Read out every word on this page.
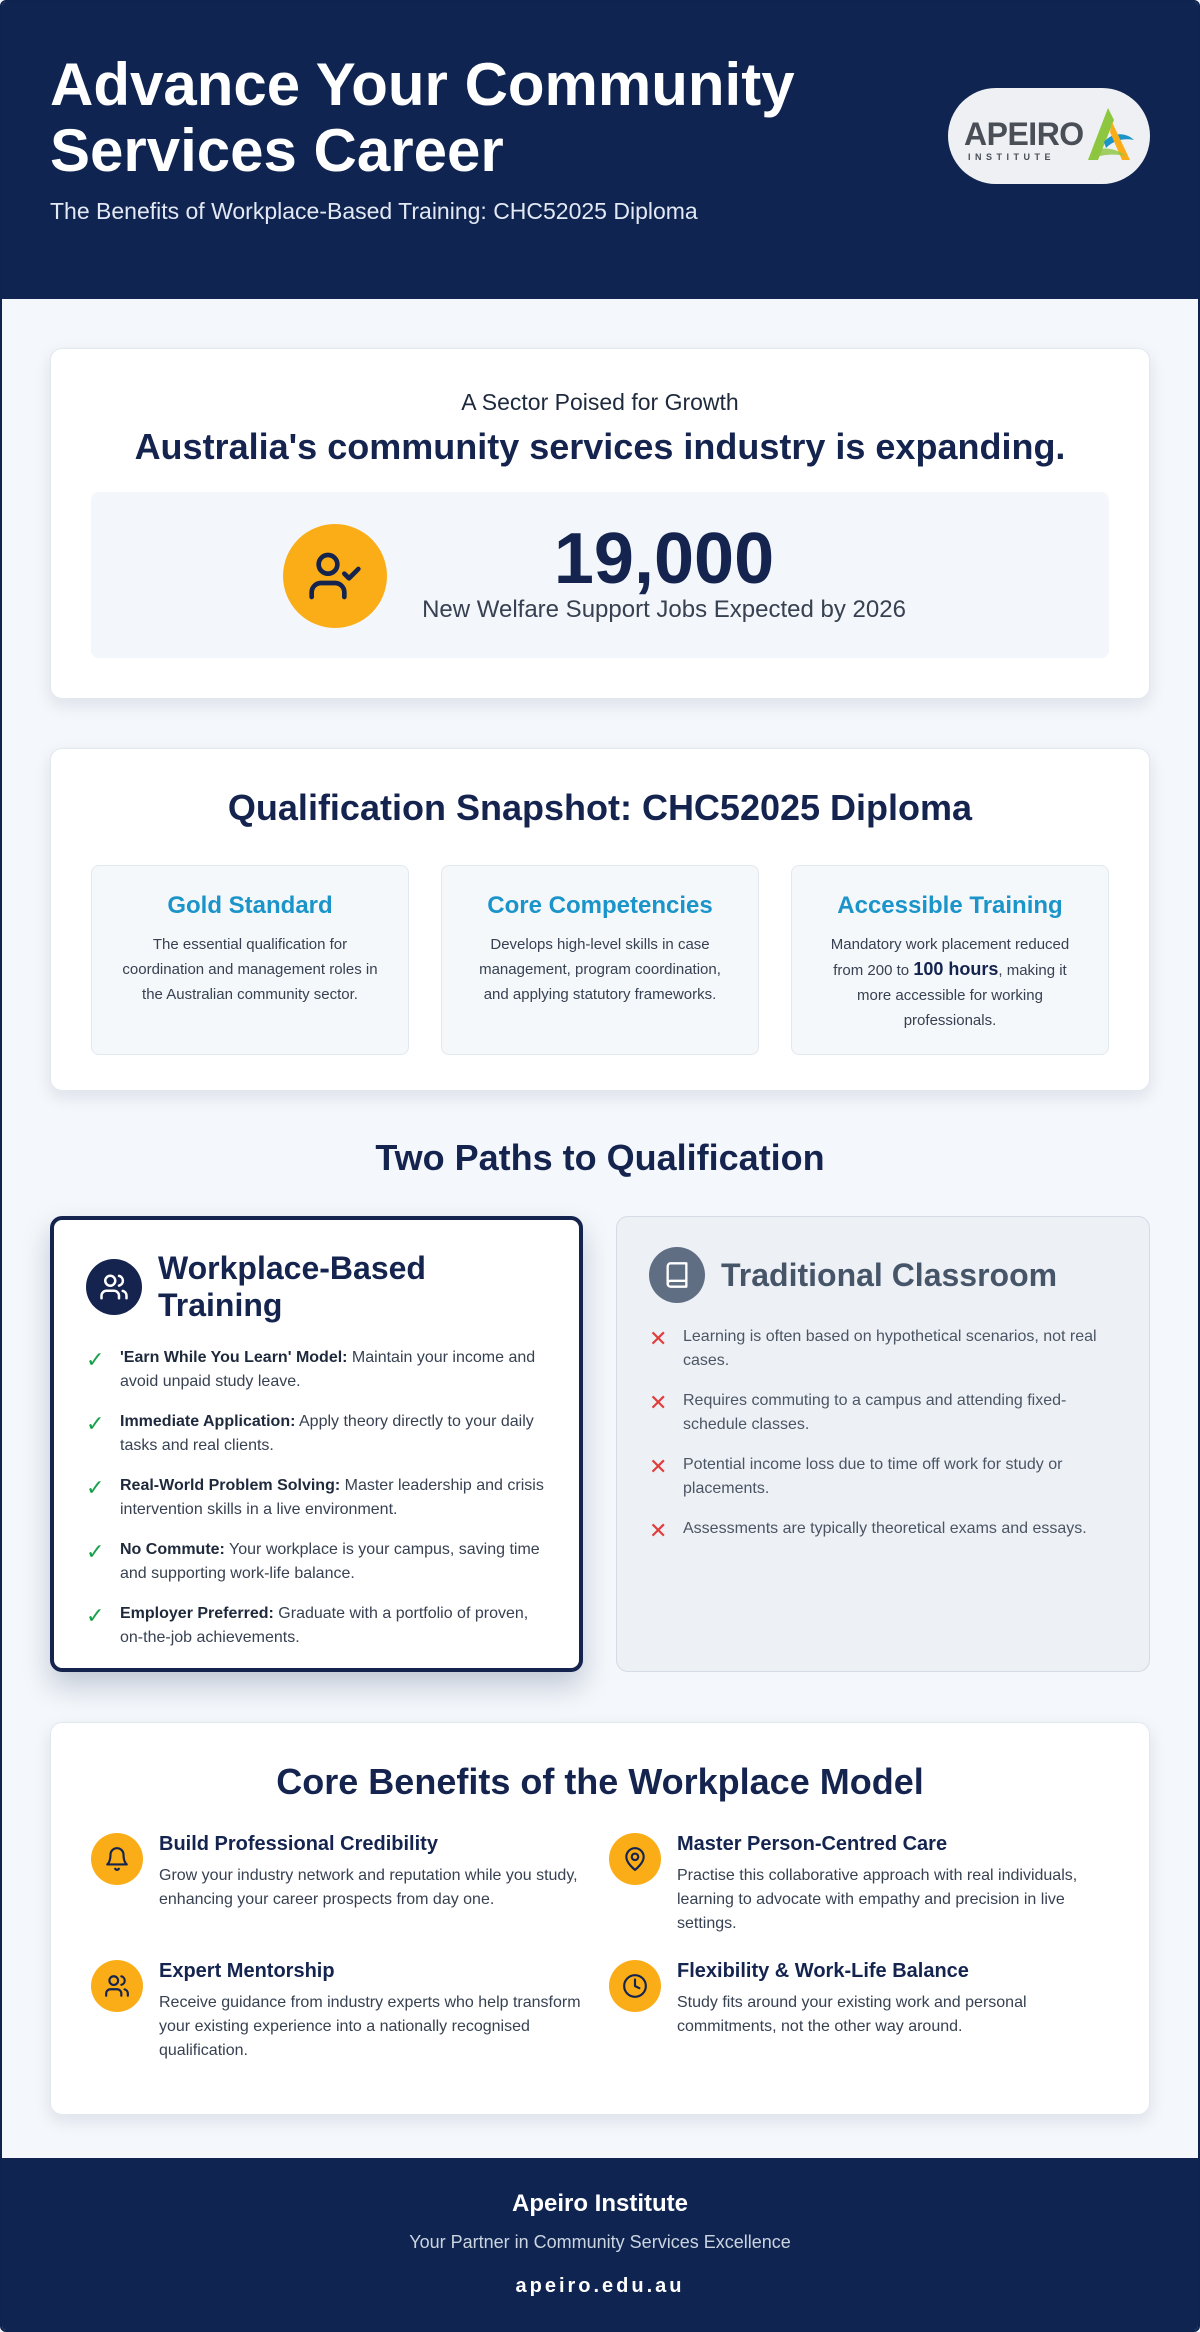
Advance Your Community Services Career
The Benefits of Workplace-Based Training: CHC52025 Diploma
APEIRO
INSTITUTE
A Sector Poised for Growth
Australia's community services industry is expanding.
19,000
New Welfare Support Jobs Expected by 2026
Qualification Snapshot: CHC52025 Diploma
Gold Standard

The essential qualification for coordination and management roles in the Australian community sector.

Core Competencies

Develops high-level skills in case management, program coordination, and applying statutory frameworks.

Accessible Training

Mandatory work placement reduced from 200 to 100 hours, making it more accessible for working professionals.

Two Paths to Qualification
Workplace-Based Training
✓ 'Earn While You Learn' Model: Maintain your income and avoid unpaid study leave.
✓ Immediate Application: Apply theory directly to your daily tasks and real clients.
✓ Real-World Problem Solving: Master leadership and crisis intervention skills in a live environment.
✓ No Commute: Your workplace is your campus, saving time and supporting work-life balance.
✓ Employer Preferred: Graduate with a portfolio of proven, on-the-job achievements.
Traditional Classroom
✕ Learning is often based on hypothetical scenarios, not real cases.
✕ Requires commuting to a campus and attending fixed-schedule classes.
✕ Potential income loss due to time off work for study or placements.
✕ Assessments are typically theoretical exams and essays.
Core Benefits of the Workplace Model
Build Professional Credibility

Grow your industry network and reputation while you study, enhancing your career prospects from day one.

Master Person-Centred Care

Practise this collaborative approach with real individuals, learning to advocate with empathy and precision in live settings.

Expert Mentorship

Receive guidance from industry experts who help transform your existing experience into a nationally recognised qualification.

Flexibility & Work-Life Balance

Study fits around your existing work and personal commitments, not the other way around.

Apeiro Institute
Your Partner in Community Services Excellence
apeiro.edu.au
